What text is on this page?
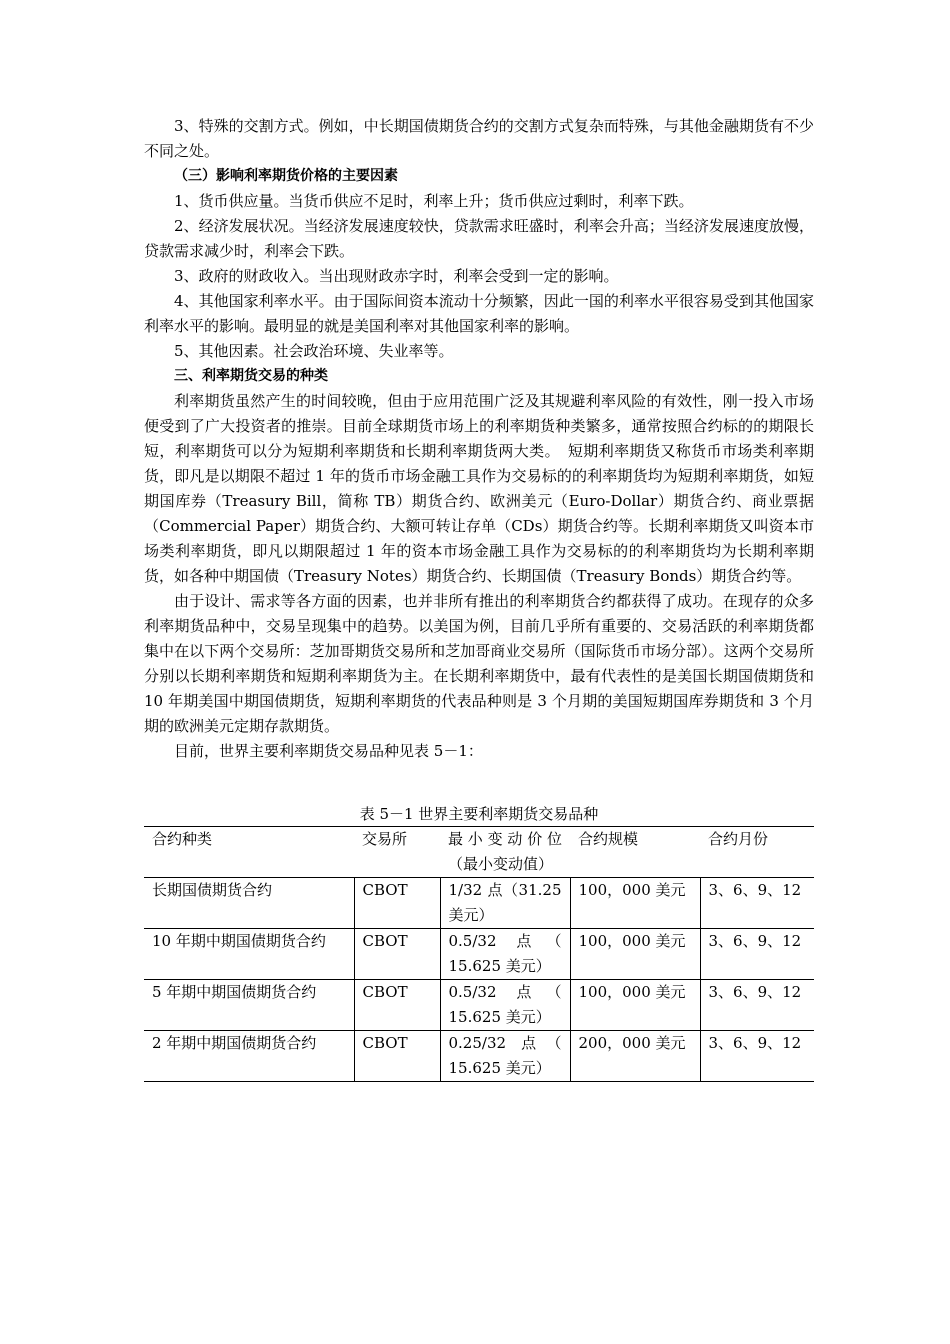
3、特殊的交割方式。例如，中长期国债期货合约的交割方式复杂而特殊，与其他金融期货有不少不同之处。

（三）影响利率期货价格的主要因素

1、货币供应量。当货币供应不足时，利率上升；货币供应过剩时，利率下跌。

2、经济发展状况。当经济发展速度较快，贷款需求旺盛时，利率会升高；当经济发展速度放慢，贷款需求减少时，利率会下跌。

3、政府的财政收入。当出现财政赤字时，利率会受到一定的影响。

4、其他国家利率水平。由于国际间资本流动十分频繁，因此一国的利率水平很容易受到其他国家利率水平的影响。最明显的就是美国利率对其他国家利率的影响。

5、其他因素。社会政治环境、失业率等。

三、利率期货交易的种类

利率期货虽然产生的时间较晚，但由于应用范围广泛及其规避利率风险的有效性，刚一投入市场便受到了广大投资者的推崇。目前全球期货市场上的利率期货种类繁多，通常按照合约标的的期限长短，利率期货可以分为短期利率期货和长期利率期货两大类。　短期利率期货又称货币市场类利率期货，即凡是以期限不超过 1 年的货币市场金融工具作为交易标的的利率期货均为短期利率期货，如短期国库券（Treasury Bill，简称 TB）期货合约、欧洲美元（Euro-Dollar）期货合约、商业票据（Commercial Paper）期货合约、大额可转让存单（CDs）期货合约等。长期利率期货又叫资本市场类利率期货，即凡以期限超过 1 年的资本市场金融工具作为交易标的的利率期货均为长期利率期货，如各种中期国债（Treasury Notes）期货合约、长期国债（Treasury Bonds）期货合约等。

由于设计、需求等各方面的因素，也并非所有推出的利率期货合约都获得了成功。在现存的众多利率期货品种中，交易呈现集中的趋势。以美国为例，目前几乎所有重要的、交易活跃的利率期货都集中在以下两个交易所：芝加哥期货交易所和芝加哥商业交易所（国际货币市场分部）。这两个交易所分别以长期利率期货和短期利率期货为主。在长期利率期货中，最有代表性的是美国长期国债期货和 10 年期美国中期国债期货，短期利率期货的代表品种则是 3 个月期的美国短期国库券期货和 3 个月期的欧洲美元定期存款期货。

目前，世界主要利率期货交易品种见表 5－1：

表 5－1 世界主要利率期货交易品种

合约种类	交易所	最小变动价位（最小变动值）	合约规模	合约月份
长期国债期货合约	CBOT	1/32 点（31.25 美元）	100，000 美元	3、6、9、12
10 年期中期国债期货合约	CBOT	0.5/32 点（ 15.625 美元）	100，000 美元	3、6、9、12
5 年期中期国债期货合约	CBOT	0.5/32 点（ 15.625 美元）	100，000 美元	3、6、9、12
2 年期中期国债期货合约	CBOT	0.25/32 点（ 15.625 美元）	200，000 美元	3、6、9、12
